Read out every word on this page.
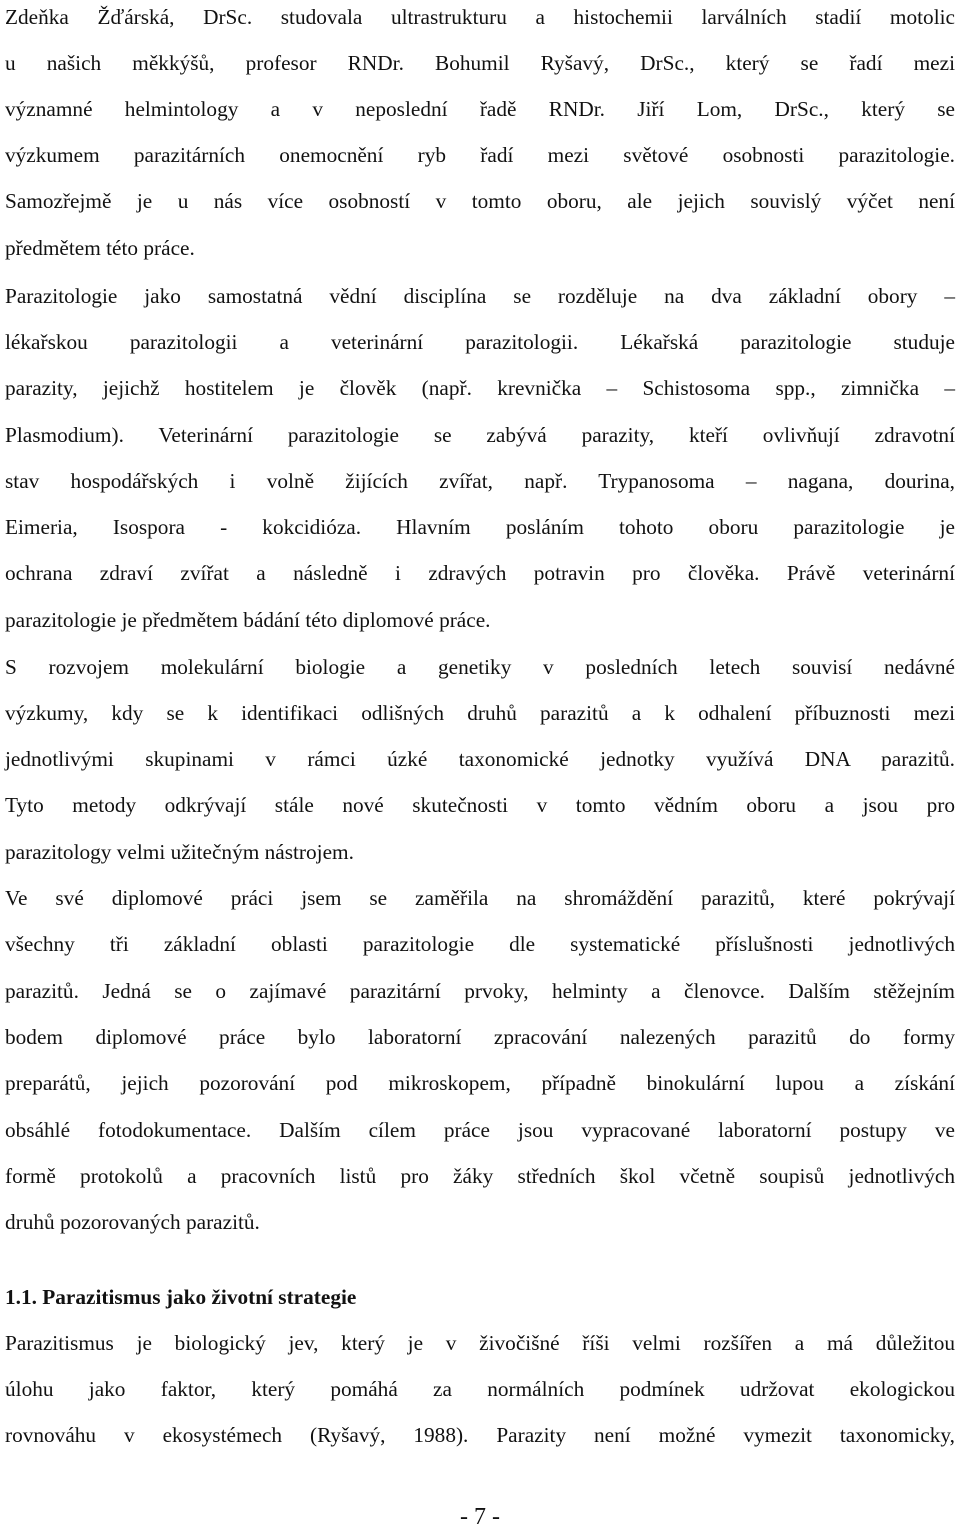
Zdeňka Žďárská, DrSc. studovala ultrastrukturu a histochemii larválních stadií motolic
u našich měkkýšů, profesor RNDr. Bohumil Ryšavý, DrSc., který se řadí mezi
významné helmintology a v neposlední řadě RNDr. Jiří Lom, DrSc., který se
výzkumem parazitárních onemocnění ryb řadí mezi světové osobnosti parazitologie.
Samozřejmě je u nás více osobností v tomto oboru, ale jejich souvislý výčet není
předmětem této práce.
Parazitologie jako samostatná vědní disciplína se rozděluje na dva základní obory –
lékařskou parazitologii a veterinární parazitologii. Lékařská parazitologie studuje
parazity, jejichž hostitelem je člověk (např. krevnička – Schistosoma spp., zimnička –
Plasmodium). Veterinární parazitologie se zabývá parazity, kteří ovlivňují zdravotní
stav hospodářských i volně žijících zvířat, např. Trypanosoma – nagana, dourina,
Eimeria, Isospora - kokcidióza. Hlavním posláním tohoto oboru parazitologie je
ochrana zdraví zvířat a následně i zdravých potravin pro člověka. Právě veterinární
parazitologie je předmětem bádání této diplomové práce.
S rozvojem molekulární biologie a genetiky v posledních letech souvisí nedávné
výzkumy, kdy se k identifikaci odlišných druhů parazitů a k odhalení příbuznosti mezi
jednotlivými skupinami v rámci úzké taxonomické jednotky využívá DNA parazitů.
Tyto metody odkrývají stále nové skutečnosti v tomto vědním oboru a jsou pro
parazitology velmi užitečným nástrojem.
Ve své diplomové práci jsem se zaměřila na shromáždění parazitů, které pokrývají
všechny tři základní oblasti parazitologie dle systematické příslušnosti jednotlivých
parazitů. Jedná se o zajímavé parazitární prvoky, helminty a členovce. Dalším stěžejním
bodem diplomové práce bylo laboratorní zpracování nalezených parazitů do formy
preparátů, jejich pozorování pod mikroskopem, případně binokulární lupou a získání
obsáhlé fotodokumentace. Dalším cílem práce jsou vypracované laboratorní postupy ve
formě protokolů a pracovních listů pro žáky středních škol včetně soupisů jednotlivých
druhů pozorovaných parazitů.
1.1. Parazitismus jako životní strategie
Parazitismus je biologický jev, který je v živočišné říši velmi rozšířen a má důležitou
úlohu jako faktor, který pomáhá za normálních podmínek udržovat ekologickou
rovnováhu v ekosystémech (Ryšavý, 1988). Parazity není možné vymezit taxonomicky,
- 7 -
